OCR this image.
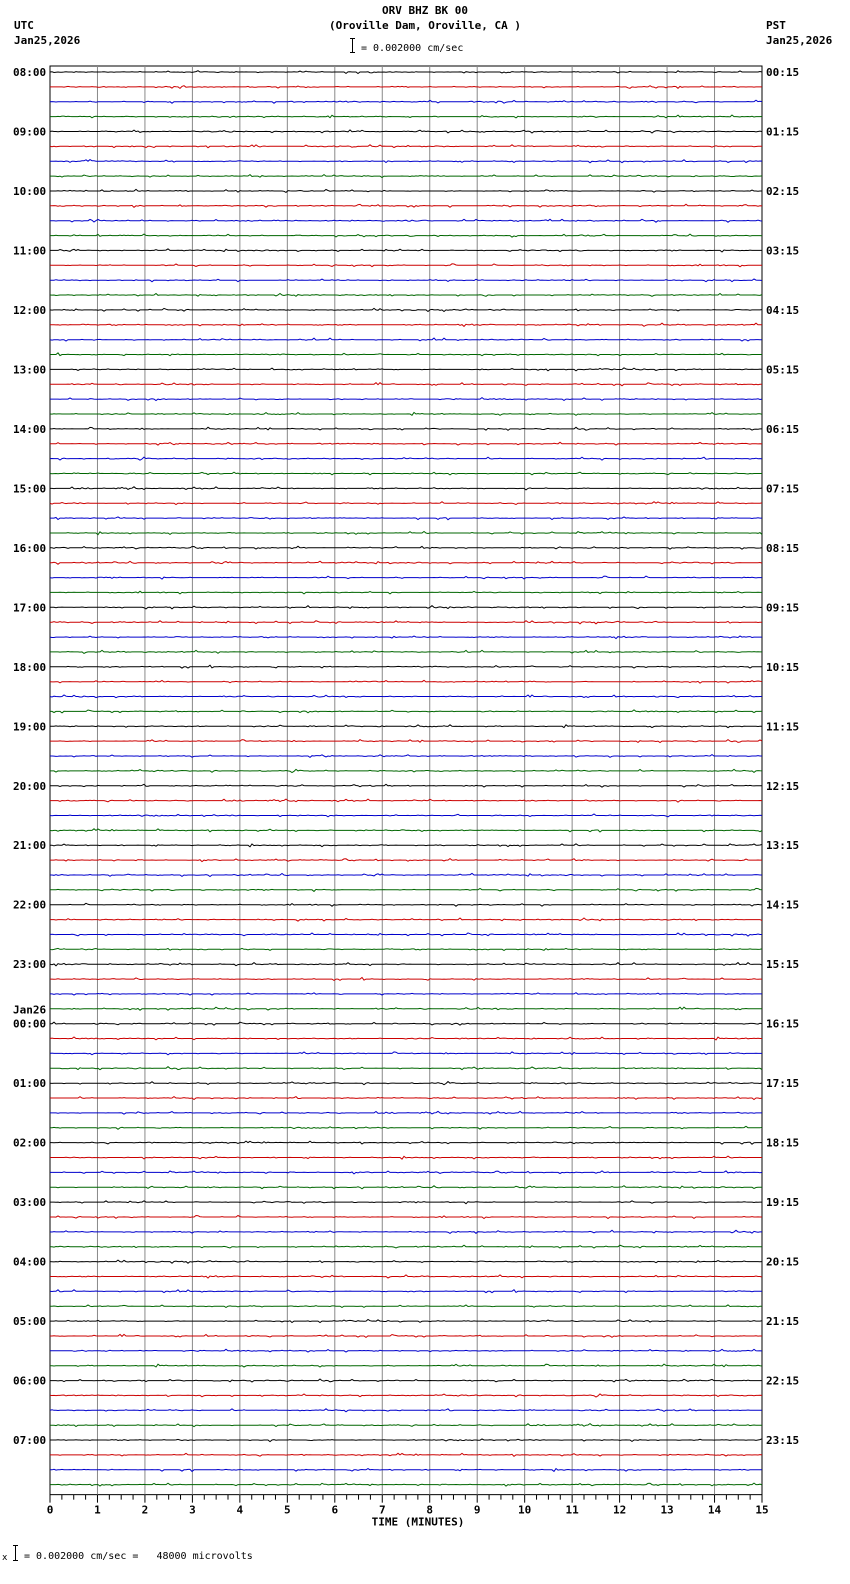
ORV BHZ BK 00
(Oroville Dam, Oroville, CA )
UTC
Jan25,2026
PST
Jan25,2026
= 0.002000 cm/sec
08:00
09:00
10:00
11:00
12:00
13:00
14:00
15:00
16:00
17:00
18:00
19:00
20:00
21:00
22:00
23:00
00:00
Jan26
01:00
02:00
03:00
04:00
05:00
06:00
07:00
00:15
01:15
02:15
03:15
04:15
05:15
06:15
07:15
08:15
09:15
10:15
11:15
12:15
13:15
14:15
15:15
16:15
17:15
18:15
19:15
20:15
21:15
22:15
23:15
0	1	2	3	4	5	6	7	8	9	10	11	12	13	14	15
TIME (MINUTES)
x = 0.002000 cm/sec =   48000 microvolts
